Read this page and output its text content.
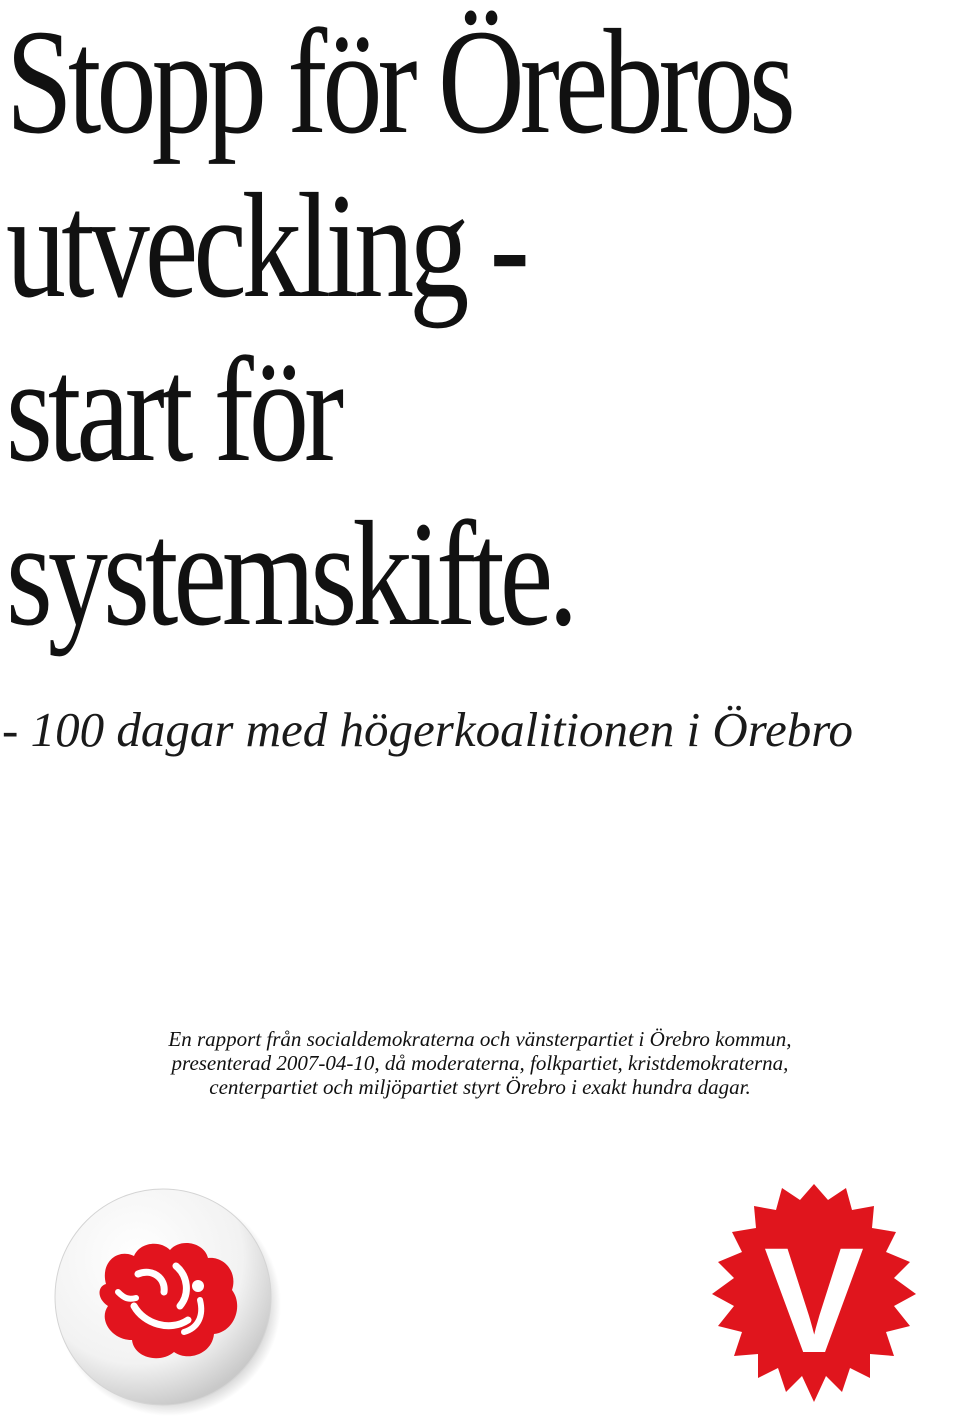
Stopp för Örebros
utveckling -
start för
systemskifte.
- 100 dagar med högerkoalitionen i Örebro

En rapport från socialdemokraterna och vänsterpartiet i Örebro kommun,
presenterad 2007-04-10, då moderaterna, folkpartiet, kristdemokraterna,
centerpartiet och miljöpartiet styrt Örebro i exakt hundra dagar.

V
